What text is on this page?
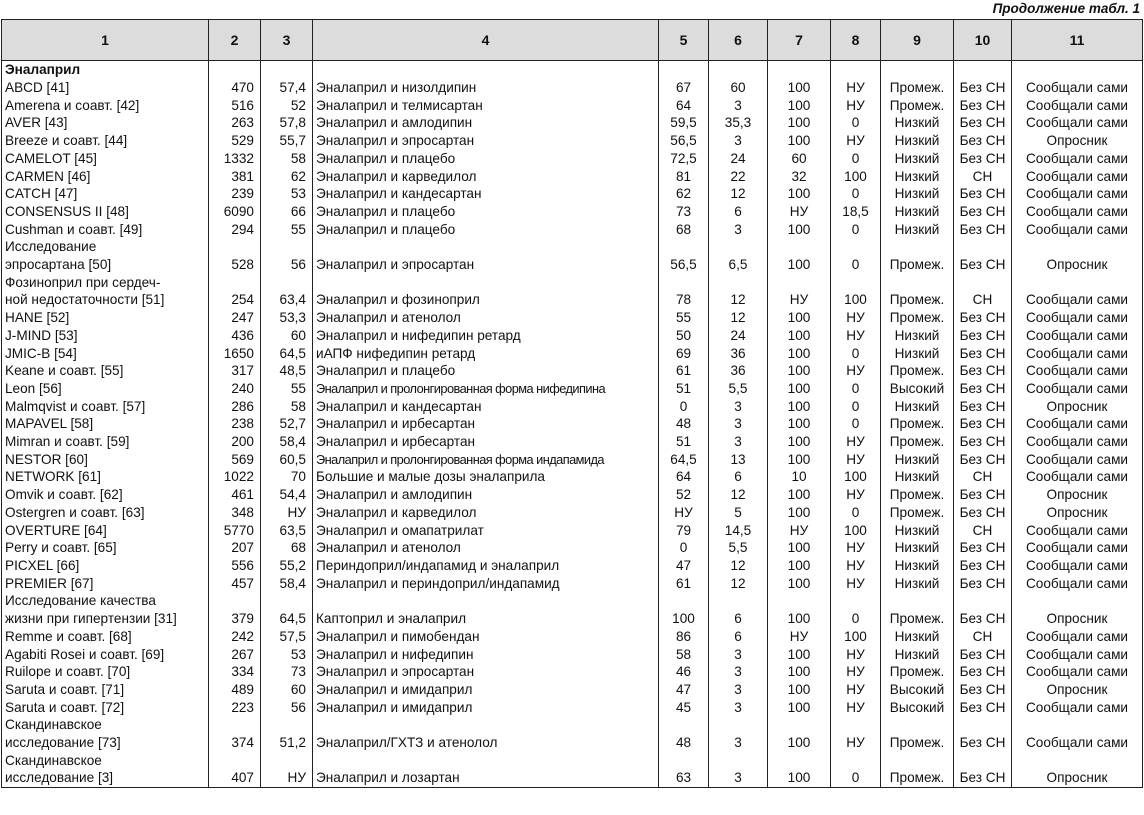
Продолжение табл. 1
1	2	3	4	5	6	7	8	9	10	11
Эналаприл										

ABCD [41]	470	57,4	Эналаприл и низолдипин	67	60	100	НУ	Промеж.	Без СН	Сообщали сами

Amerena и соавт. [42]	516	52	Эналаприл и телмисартан	64	3	100	НУ	Промеж.	Без СН	Сообщали сами

AVER [43]	263	57,8	Эналаприл и амлодипин	59,5	35,3	100	0	Низкий	Без СН	Сообщали сами

Breeze и соавт. [44]	529	55,7	Эналаприл и эпросартан	56,5	3	100	НУ	Низкий	Без СН	Опросник

CAMELOT [45]	1332	58	Эналаприл и плацебо	72,5	24	60	0	Низкий	Без СН	Сообщали сами

CARMEN [46]	381	62	Эналаприл и карведилол	81	22	32	100	Низкий	СН	Сообщали сами

CATCH [47]	239	53	Эналаприл и кандесартан	62	12	100	0	Низкий	Без СН	Сообщали сами

CONSENSUS II [48]	6090	66	Эналаприл и плацебо	73	6	НУ	18,5	Низкий	Без СН	Сообщали сами

Cushman и соавт. [49]	294	55	Эналаприл и плацебо	68	3	100	0	Низкий	Без СН	Сообщали сами

Исследование
эпросартана [50]	528	56	Эналаприл и эпросартан	56,5	6,5	100	0	Промеж.	Без СН	Опросник

Фозиноприл при сердеч-
ной недостаточности [51]	254	63,4	Эналаприл и фозиноприл	78	12	НУ	100	Промеж.	СН	Сообщали сами

HANE [52]	247	53,3	Эналаприл и атенолол	55	12	100	НУ	Промеж.	Без СН	Сообщали сами

J-MIND [53]	436	60	Эналаприл и нифедипин ретард	50	24	100	НУ	Низкий	Без СН	Сообщали сами

JMIC-B [54]	1650	64,5	иАПФ нифедипин ретард	69	36	100	0	Низкий	Без СН	Сообщали сами

Keane и соавт. [55]	317	48,5	Эналаприл и плацебо	61	36	100	НУ	Промеж.	Без СН	Сообщали сами

Leon [56]	240	55	Эналаприл и пролонгированная форма нифедипина	51	5,5	100	0	Высокий	Без СН	Сообщали сами

Malmqvist и соавт. [57]	286	58	Эналаприл и кандесартан	0	3	100	0	Низкий	Без СН	Опросник

MAPAVEL [58]	238	52,7	Эналаприл и ирбесартан	48	3	100	0	Промеж.	Без СН	Сообщали сами

Mimran и соавт. [59]	200	58,4	Эналаприл и ирбесартан	51	3	100	НУ	Промеж.	Без СН	Сообщали сами

NESTOR [60]	569	60,5	Эналаприл и пролонгированная форма индапамида	64,5	13	100	НУ	Низкий	Без СН	Сообщали сами

NETWORK [61]	1022	70	Большие и малые дозы эналаприла	64	6	10	100	Низкий	СН	Сообщали сами

Omvik и соавт. [62]	461	54,4	Эналаприл и амлодипин	52	12	100	НУ	Промеж.	Без СН	Опросник

Ostergren и соавт. [63]	348	НУ	Эналаприл и карведилол	НУ	5	100	0	Промеж.	Без СН	Опросник

OVERTURE [64]	5770	63,5	Эналаприл и омапатрилат	79	14,5	НУ	100	Низкий	СН	Сообщали сами

Perry и соавт. [65]	207	68	Эналаприл и атенолол	0	5,5	100	НУ	Низкий	Без СН	Сообщали сами

PICXEL [66]	556	55,2	Периндоприл/индапамид и эналаприл	47	12	100	НУ	Низкий	Без СН	Сообщали сами

PREMIER [67]	457	58,4	Эналаприл и периндоприл/индапамид	61	12	100	НУ	Низкий	Без СН	Сообщали сами

Исследование качества
жизни при гипертензии [31]	379	64,5	Каптоприл и эналаприл	100	6	100	0	Промеж.	Без СН	Опросник

Remme и соавт. [68]	242	57,5	Эналаприл и пимобендан	86	6	НУ	100	Низкий	СН	Сообщали сами

Agabiti Rosei и соавт. [69]	267	53	Эналаприл и нифедипин	58	3	100	НУ	Низкий	Без СН	Сообщали сами

Ruilope и соавт. [70]	334	73	Эналаприл и эпросартан	46	3	100	НУ	Промеж.	Без СН	Сообщали сами

Saruta и соавт. [71]	489	60	Эналаприл и имидаприл	47	3	100	НУ	Высокий	Без СН	Опросник

Saruta и соавт. [72]	223	56	Эналаприл и имидаприл	45	3	100	НУ	Высокий	Без СН	Сообщали сами

Скандинавское
исследование [73]	374	51,2	Эналаприл/ГХТЗ и атенолол	48	3	100	НУ	Промеж.	Без СН	Сообщали сами

Скандинавское
исследование [3]	407	НУ	Эналаприл и лозартан	63	3	100	0	Промеж.	Без СН	Опросник
